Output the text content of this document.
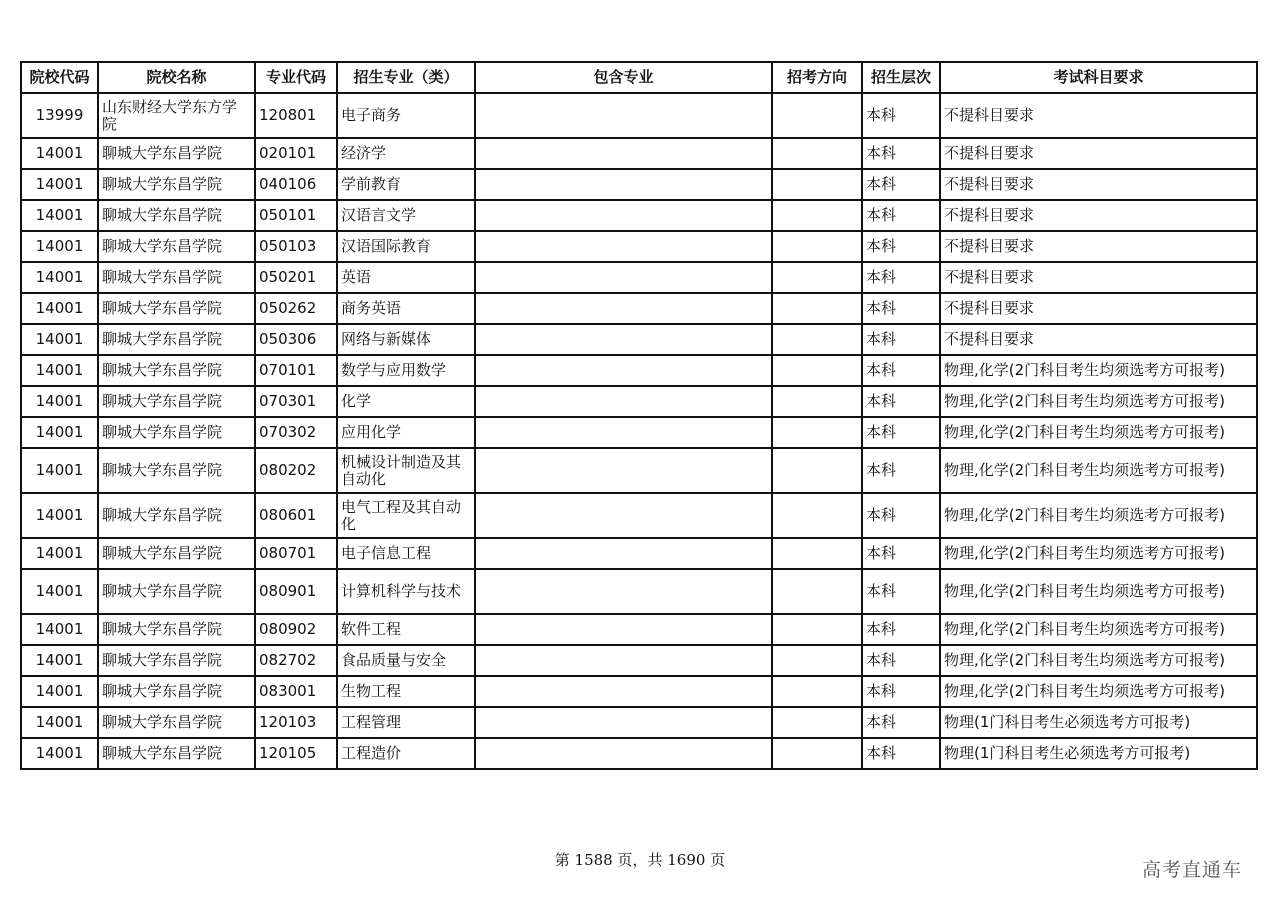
院校代码	院校名称	专业代码	招生专业（类）	包含专业	招考方向	招生层次	考试科目要求
13999	山东财经大学东方学院	120801	电子商务			本科	不提科目要求
14001	聊城大学东昌学院	020101	经济学			本科	不提科目要求
14001	聊城大学东昌学院	040106	学前教育			本科	不提科目要求
14001	聊城大学东昌学院	050101	汉语言文学			本科	不提科目要求
14001	聊城大学东昌学院	050103	汉语国际教育			本科	不提科目要求
14001	聊城大学东昌学院	050201	英语			本科	不提科目要求
14001	聊城大学东昌学院	050262	商务英语			本科	不提科目要求
14001	聊城大学东昌学院	050306	网络与新媒体			本科	不提科目要求
14001	聊城大学东昌学院	070101	数学与应用数学			本科	物理,化学(2门科目考生均须选考方可报考)
14001	聊城大学东昌学院	070301	化学			本科	物理,化学(2门科目考生均须选考方可报考)
14001	聊城大学东昌学院	070302	应用化学			本科	物理,化学(2门科目考生均须选考方可报考)
14001	聊城大学东昌学院	080202	机械设计制造及其自动化			本科	物理,化学(2门科目考生均须选考方可报考)
14001	聊城大学东昌学院	080601	电气工程及其自动化			本科	物理,化学(2门科目考生均须选考方可报考)
14001	聊城大学东昌学院	080701	电子信息工程			本科	物理,化学(2门科目考生均须选考方可报考)
14001	聊城大学东昌学院	080901	计算机科学与技术			本科	物理,化学(2门科目考生均须选考方可报考)
14001	聊城大学东昌学院	080902	软件工程			本科	物理,化学(2门科目考生均须选考方可报考)
14001	聊城大学东昌学院	082702	食品质量与安全			本科	物理,化学(2门科目考生均须选考方可报考)
14001	聊城大学东昌学院	083001	生物工程			本科	物理,化学(2门科目考生均须选考方可报考)
14001	聊城大学东昌学院	120103	工程管理			本科	物理(1门科目考生必须选考方可报考)
14001	聊城大学东昌学院	120105	工程造价			本科	物理(1门科目考生必须选考方可报考)
第 1588 页，共 1690 页	高考直通车
